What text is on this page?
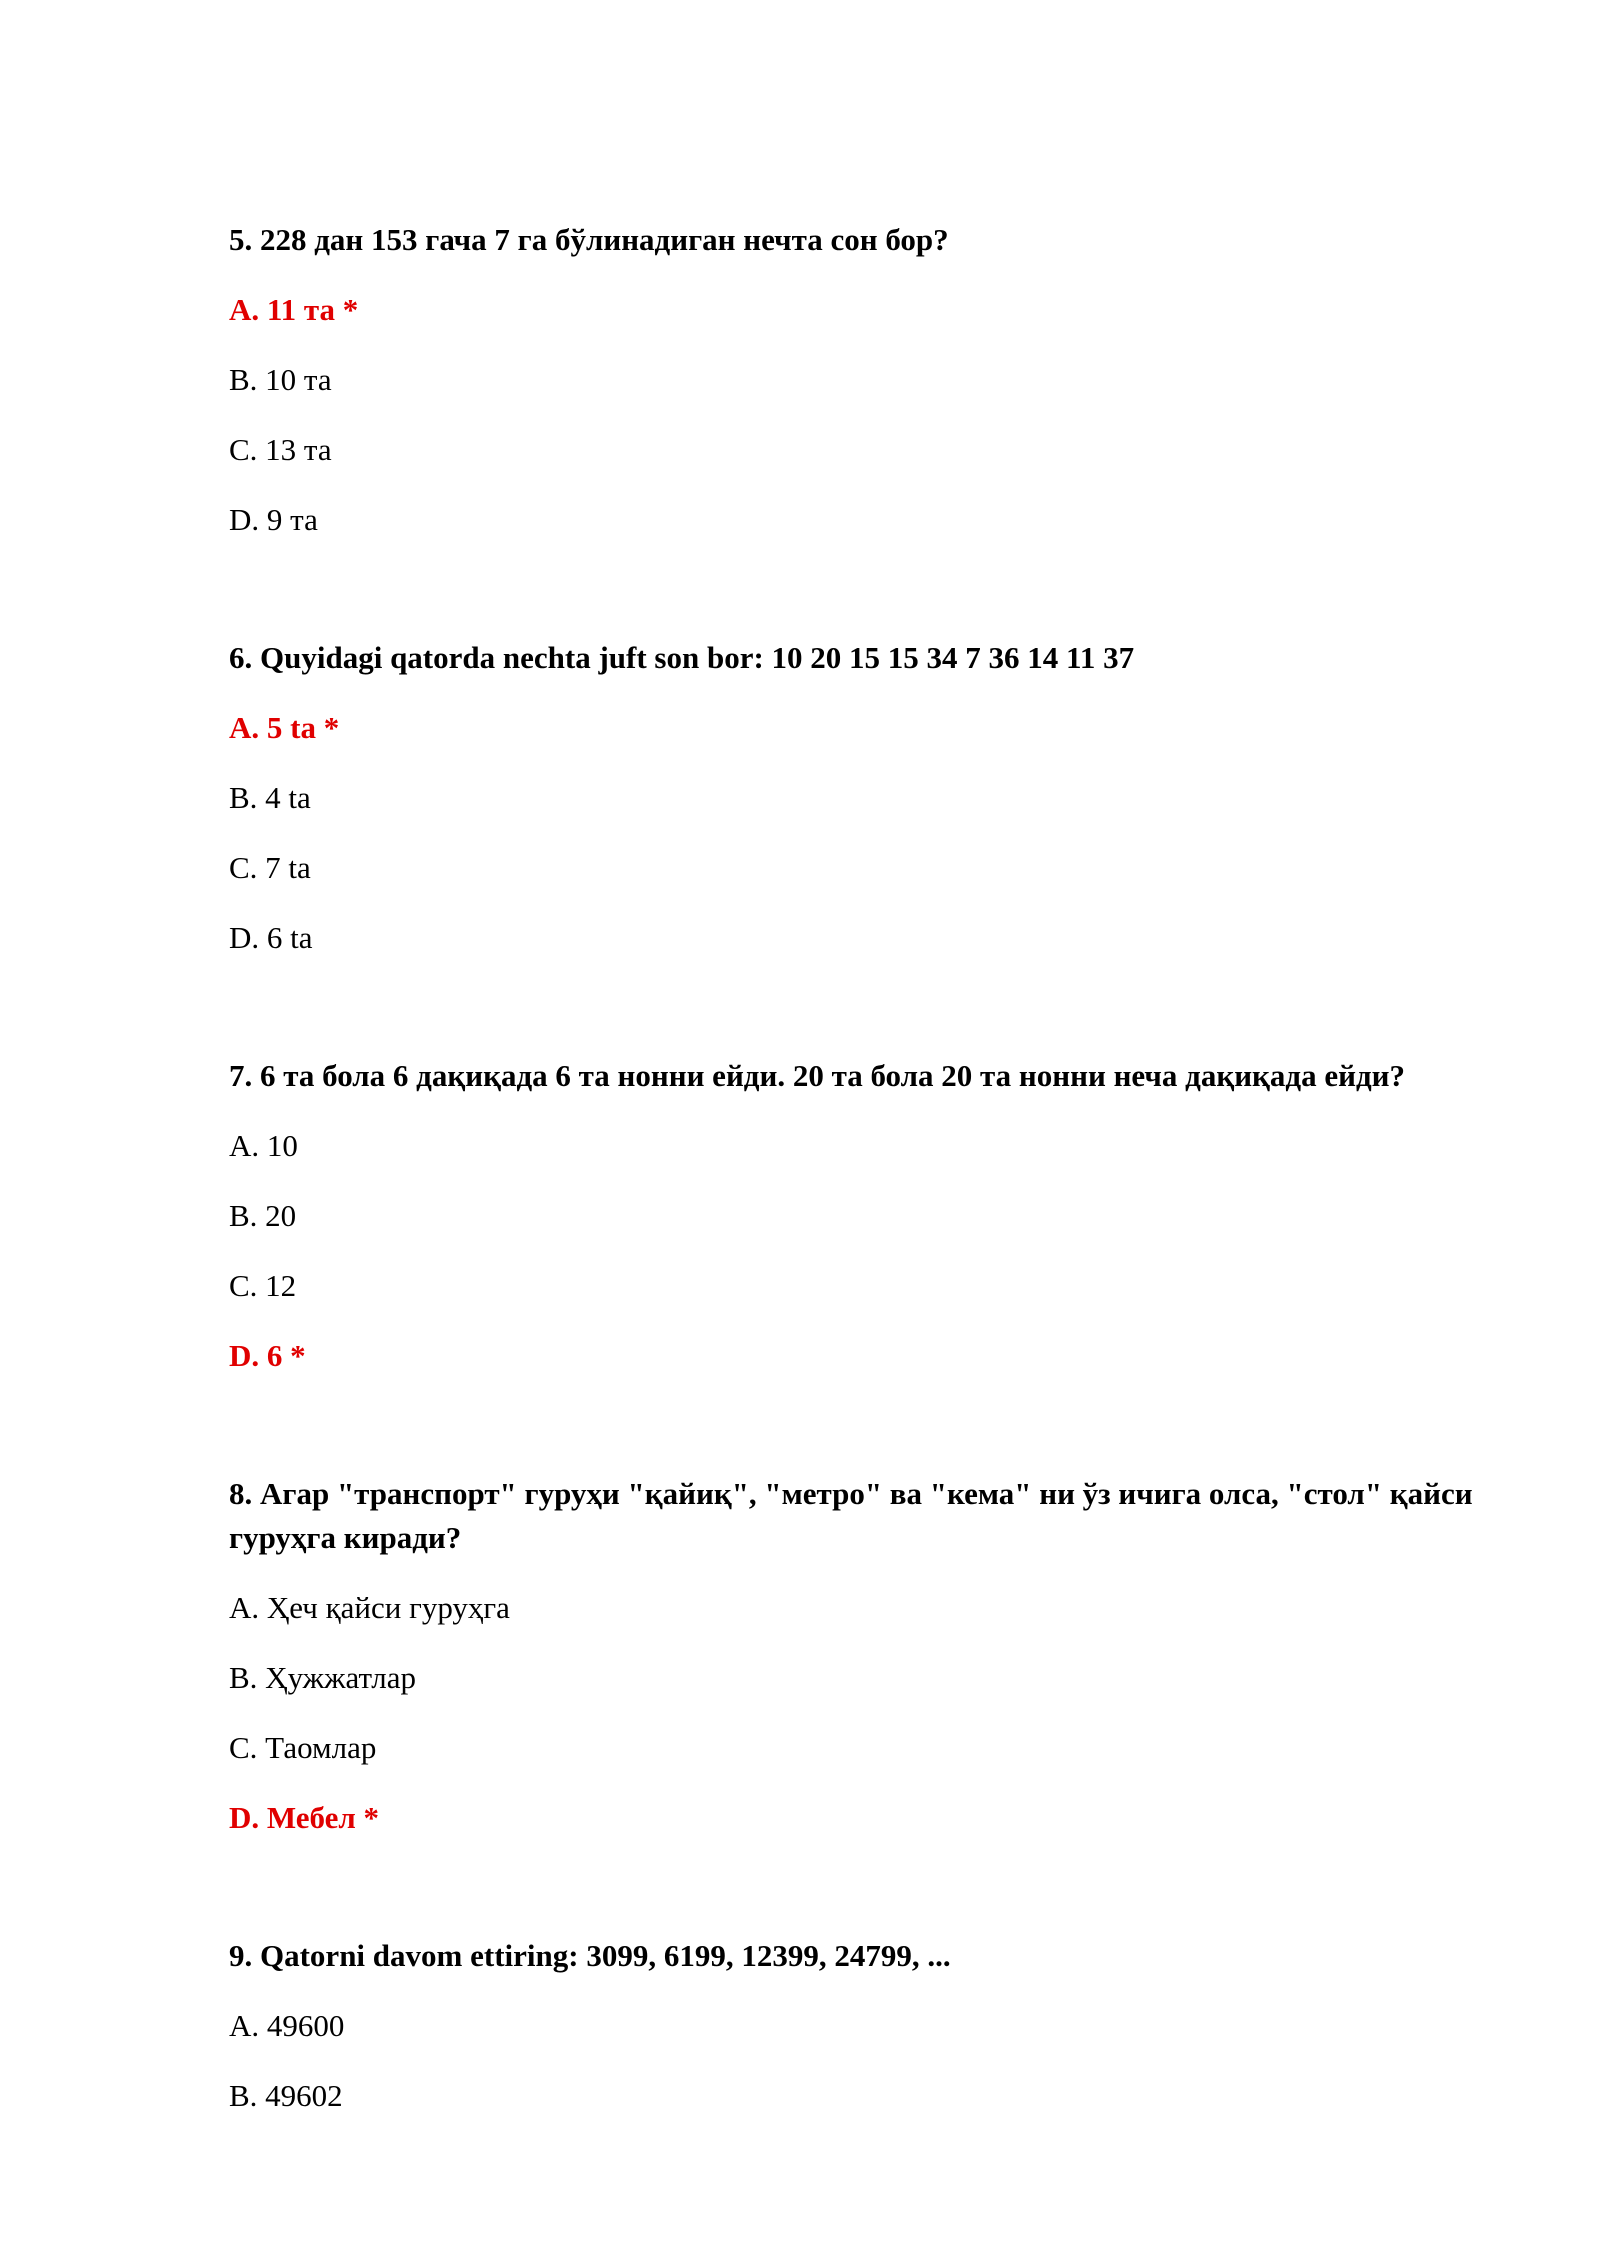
5. 228 дан 153 гача 7 га бўлинадиган нечта сон бор?

A. 11 та *

B. 10 та

C. 13 та

D. 9 та

6. Quyidagi qatorda nechta juft son bor: 10 20 15 15 34 7 36 14 11 37

A. 5 ta *

B. 4 ta

C. 7 ta

D. 6 ta

7. 6 та бола 6 дақиқада 6 та нонни ейди. 20 та бола 20 та нонни неча дақиқада ейди?

A. 10

B. 20

C. 12

D. 6 *

8. Агар "транспорт" гуруҳи "қайиқ", "метро" ва "кема" ни ўз ичига олса, "стол" қайси гуруҳга киради?

A. Ҳеч қайси гуруҳга

B. Ҳужжатлар

C. Таомлар

D. Мебел *

9. Qatorni davom ettiring: 3099, 6199, 12399, 24799, ...

A. 49600

B. 49602
